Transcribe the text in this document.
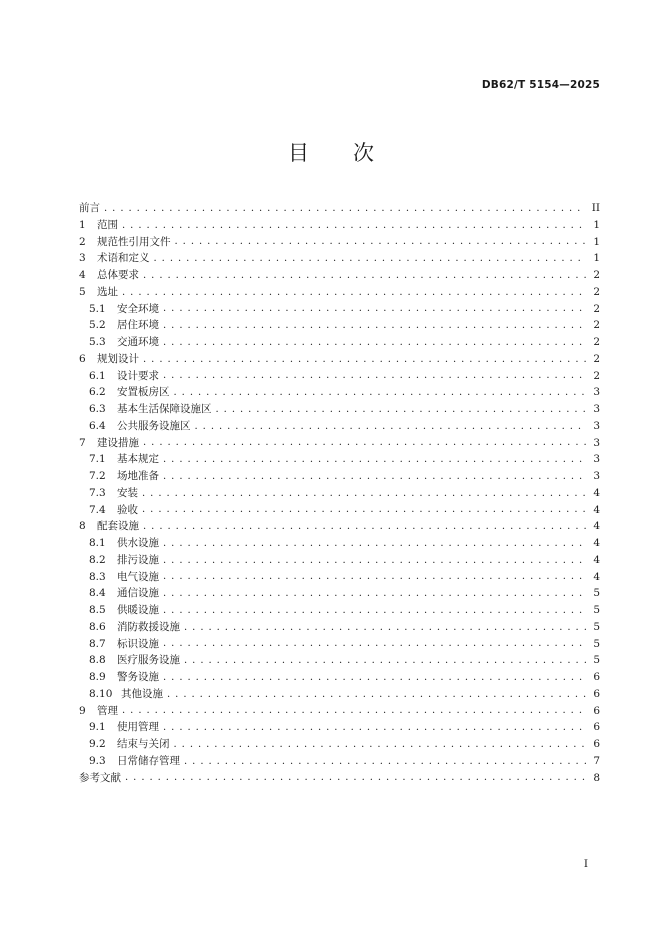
DB62/T 5154—2025
目 次
前言 . . .	II
1	范围 . . .	1
2	规范性引用文件 . . .	1
3	术语和定义 . . .	1
4	总体要求 . . .	2
5	选址 . . .	2
5.1	安全环境 . . .	2
5.2	居住环境 . . .	2
5.3	交通环境 . . .	2
6	规划设计 . . .	2
6.1	设计要求 . . .	2
6.2	安置板房区 . . .	3
6.3	基本生活保障设施区 . . .	3
6.4	公共服务设施区 . . .	3
7	建设措施 . . .	3
7.1	基本规定 . . .	3
7.2	场地准备 . . .	3
7.3	安装 . . .	4
7.4	验收 . . .	4
8	配套设施 . . .	4
8.1	供水设施 . . .	4
8.2	排污设施 . . .	4
8.3	电气设施 . . .	4
8.4	通信设施 . . .	5
8.5	供暖设施 . . .	5
8.6	消防救援设施 . . .	5
8.7	标识设施 . . .	5
8.8	医疗服务设施 . . .	5
8.9	警务设施 . . .	6
8.10 其他设施 . . .	6
9	管理 . . .	6
9.1	使用管理 . . .	6
9.2	结束与关闭 . . .	6
9.3	日常储存管理 . . .	7
参考文献 . . .	8
I
